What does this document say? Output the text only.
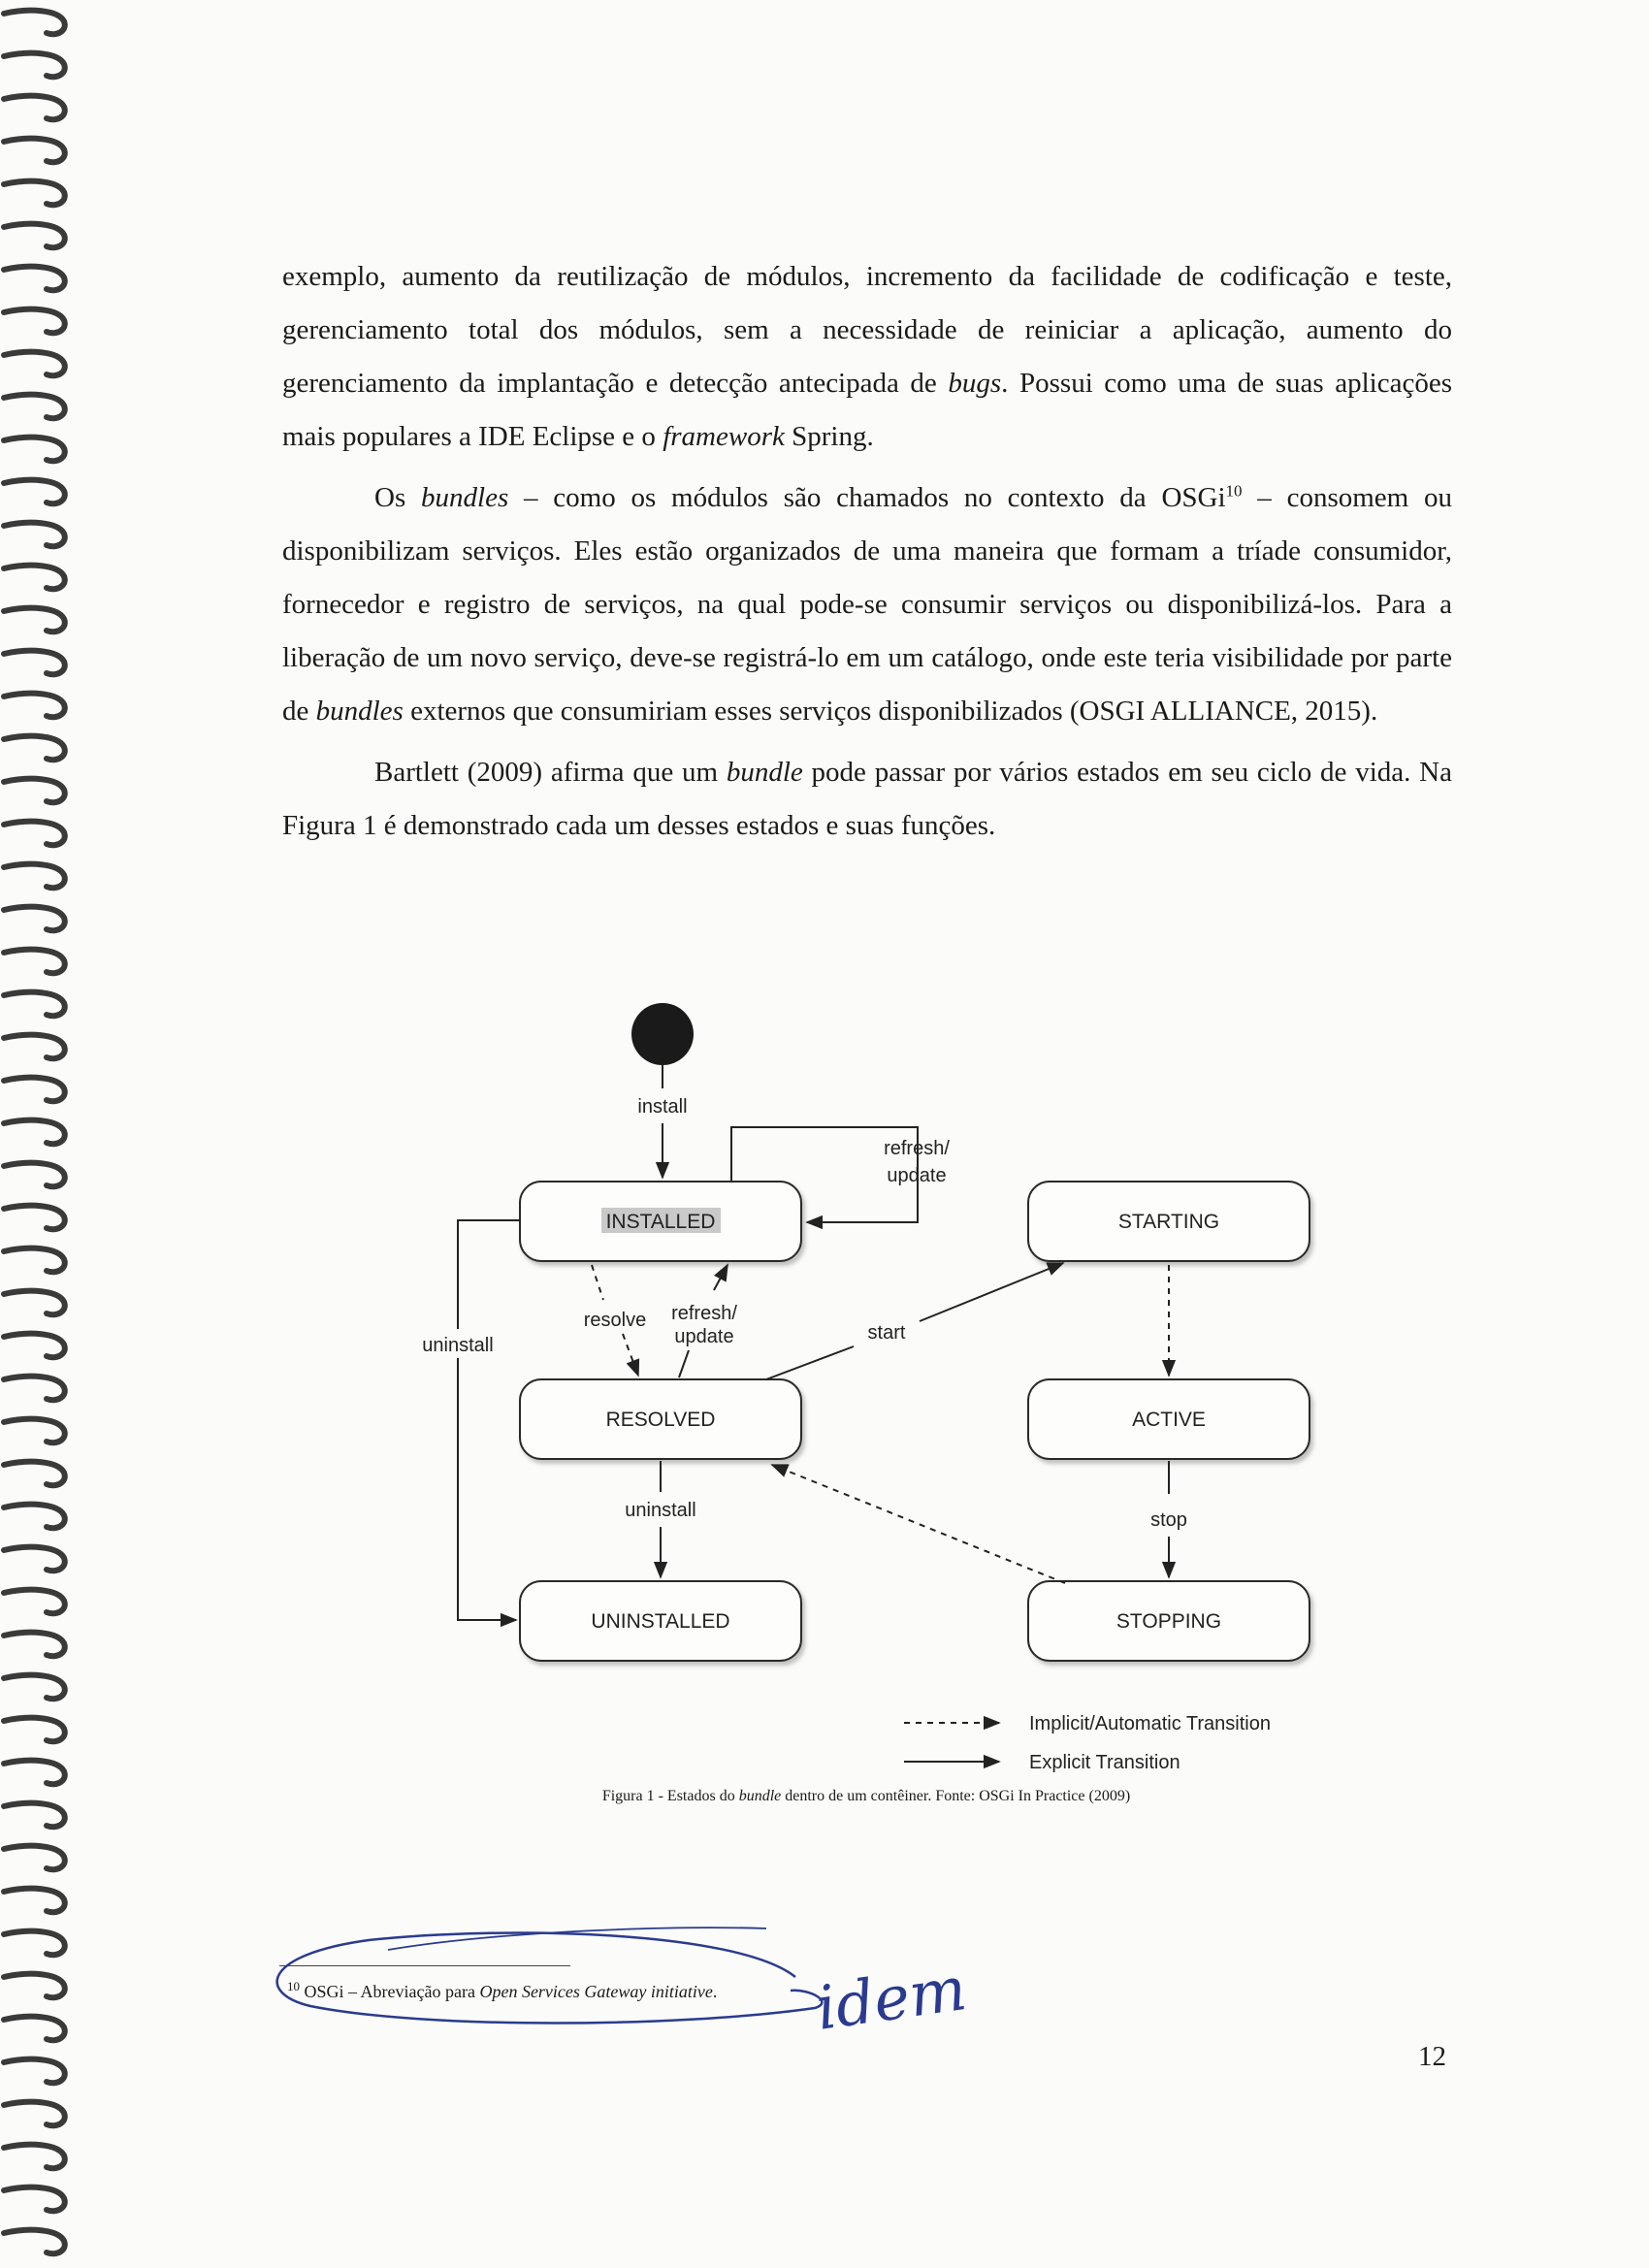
exemplo, aumento da reutilização de módulos, incremento da facilidade de codificação e teste, gerenciamento total dos módulos, sem a necessidade de reiniciar a aplicação, aumento do gerenciamento da implantação e detecção antecipada de bugs. Possui como uma de suas aplicações mais populares a IDE Eclipse e o framework Spring.

Os bundles – como os módulos são chamados no contexto da OSGi$^{10}$ – consomem ou disponibilizam serviços. Eles estão organizados de uma maneira que formam a tríade consumidor, fornecedor e registro de serviços, na qual pode-se consumir serviços ou disponibilizá-los. Para a liberação de um novo serviço, deve-se registrá-lo em um catálogo, onde este teria visibilidade por parte de bundles externos que consumiriam esses serviços disponibilizados (OSGI ALLIANCE, 2015).

Bartlett (2009) afirma que um bundle pode passar por vários estados em seu ciclo de vida. Na Figura 1 é demonstrado cada um desses estados e suas funções.

install
INSTALLED
RESOLVED
UNINSTALLED
STARTING
ACTIVE
STOPPING
refresh/
update
resolve refresh/
update
uninstall
uninstall
start
stop
Implicit/Automatic Transition
Explicit Transition
Figura 1 - Estados do bundle dentro de um contêiner. Fonte: OSGi In Practice (2009)
$^{10}$ OSGi – Abreviação para Open Services Gateway initiative. idem
12
